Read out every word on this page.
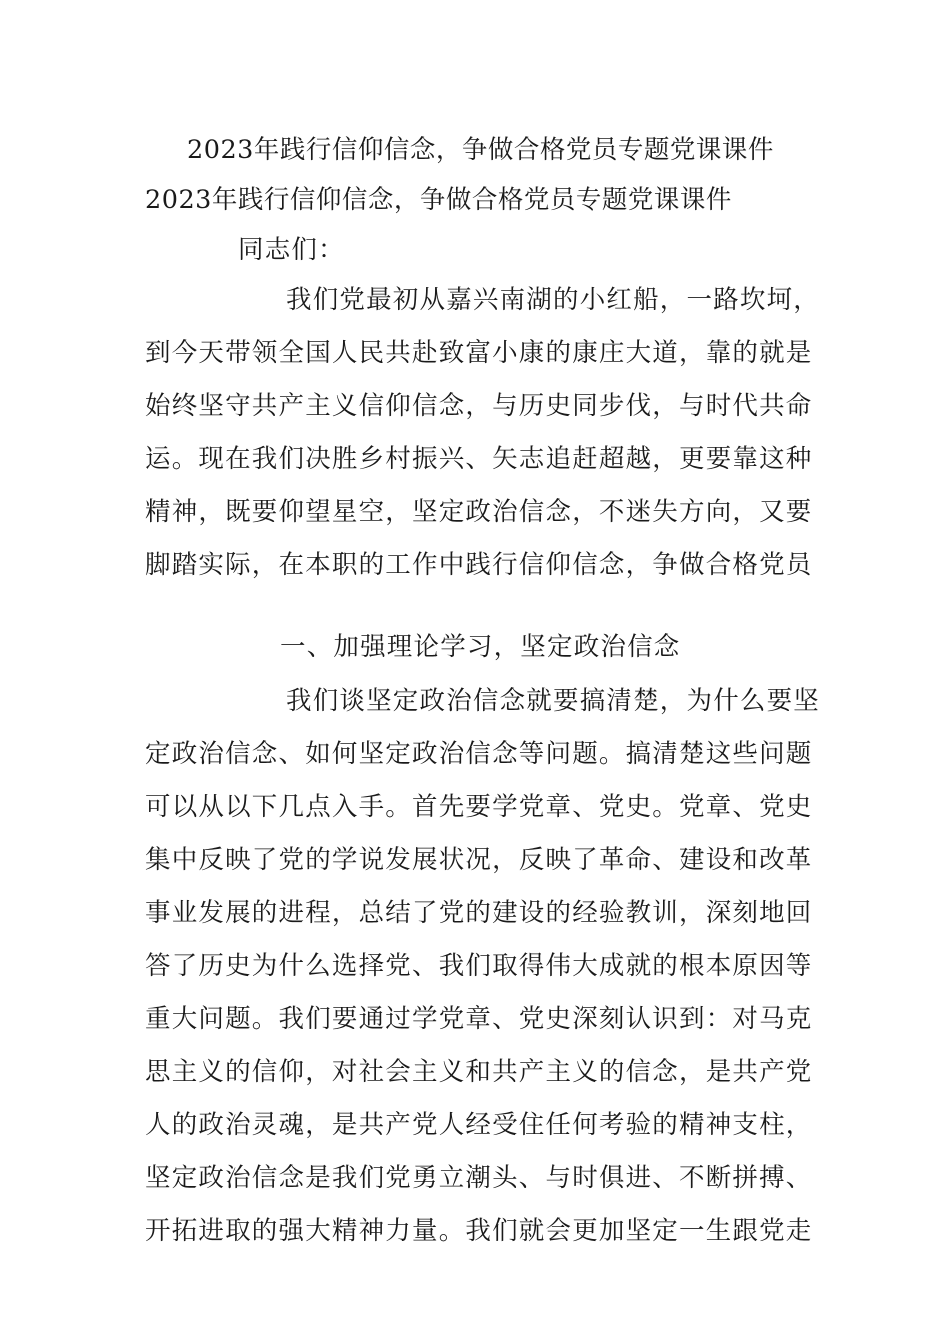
2023年践行信仰信念，争做合格党员专题党课课件
2023年践行信仰信念，争做合格党员专题党课课件
同志们：
我们党最初从嘉兴南湖的小红船，一路坎坷，
到今天带领全国人民共赴致富小康的康庄大道，靠的就是
始终坚守共产主义信仰信念，与历史同步伐，与时代共命
运。现在我们决胜乡村振兴、矢志追赶超越，更要靠这种
精神，既要仰望星空，坚定政治信念，不迷失方向，又要
脚踏实际，在本职的工作中践行信仰信念，争做合格党员
一、加强理论学习，坚定政治信念
我们谈坚定政治信念就要搞清楚，为什么要坚
定政治信念、如何坚定政治信念等问题。搞清楚这些问题
可以从以下几点入手。首先要学党章、党史。党章、党史
集中反映了党的学说发展状况，反映了革命、建设和改革
事业发展的进程，总结了党的建设的经验教训，深刻地回
答了历史为什么选择党、我们取得伟大成就的根本原因等
重大问题。我们要通过学党章、党史深刻认识到：对马克
思主义的信仰，对社会主义和共产主义的信念，是共产党
人的政治灵魂，是共产党人经受住任何考验的精神支柱，
坚定政治信念是我们党勇立潮头、与时俱进、不断拼搏、
开拓进取的强大精神力量。我们就会更加坚定一生跟党走
